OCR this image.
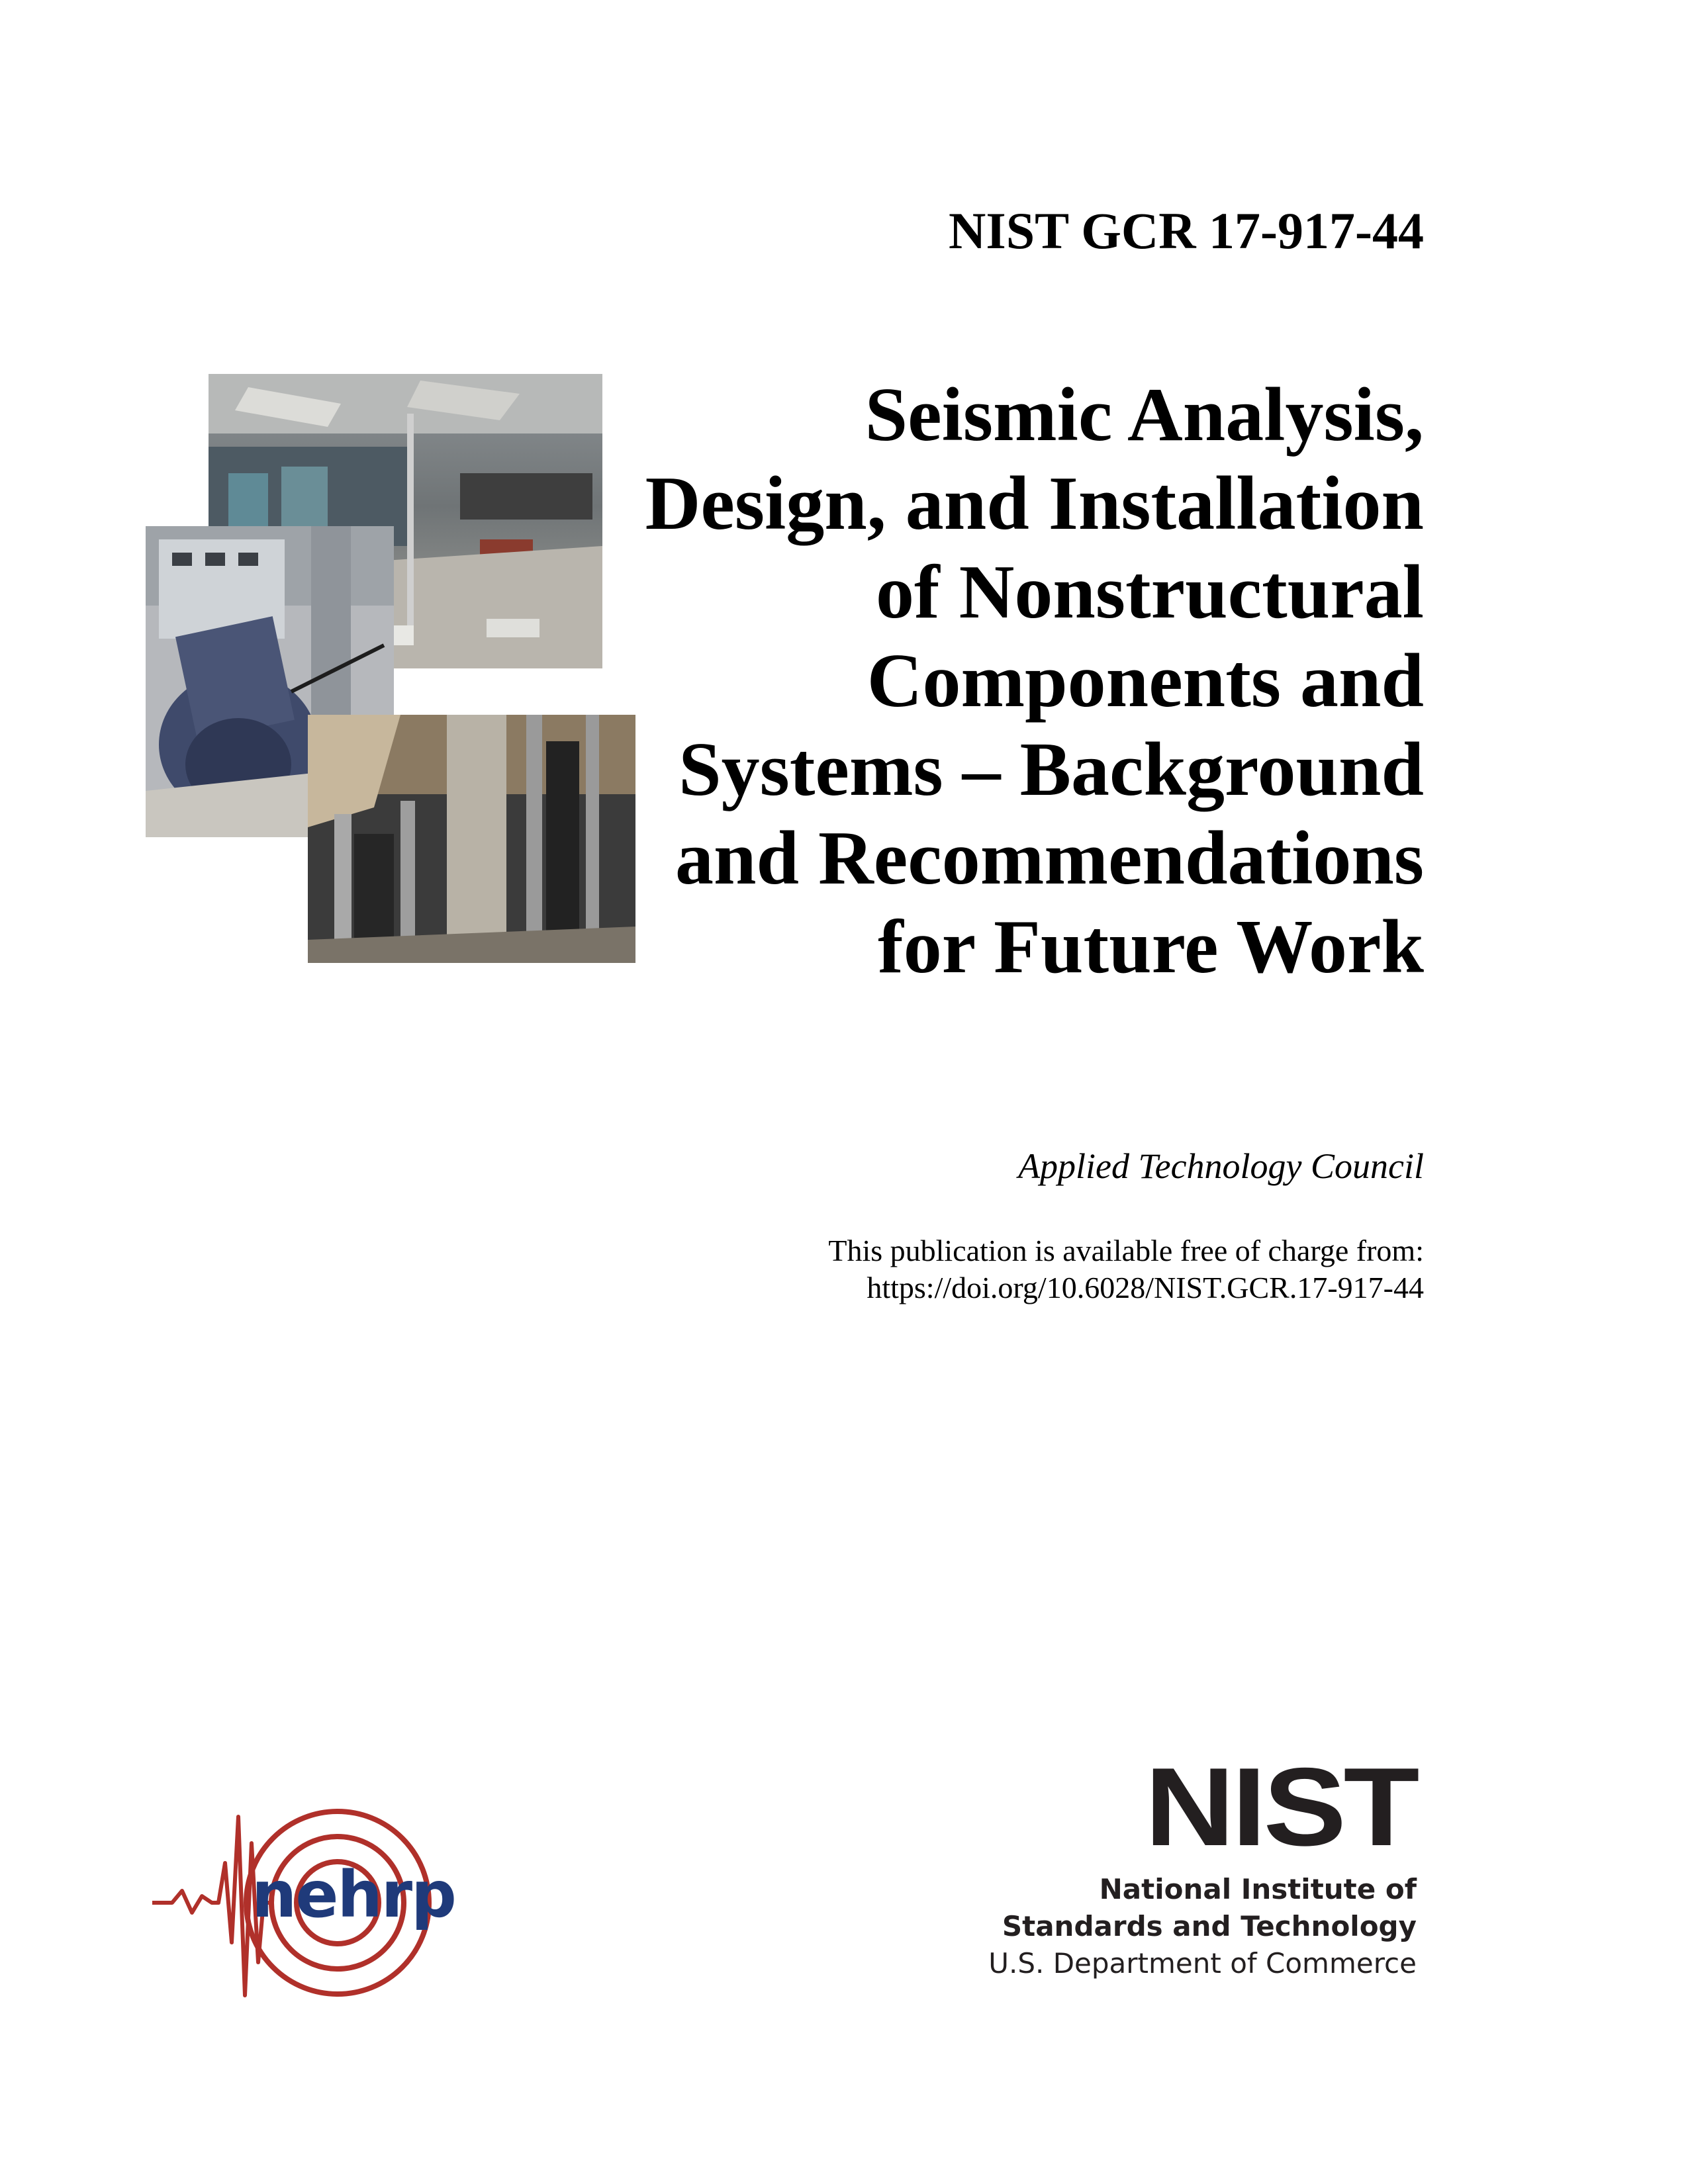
NIST GCR 17-917-44
Seismic Analysis,
Design, and Installation
of Nonstructural
Components and
Systems – Background
and Recommendations
for Future Work
Applied Technology Council
This publication is available free of charge from:
https://doi.org/10.6028/NIST.GCR.17-917-44
nehrp
NIST
National Institute of
Standards and Technology
U.S. Department of Commerce
